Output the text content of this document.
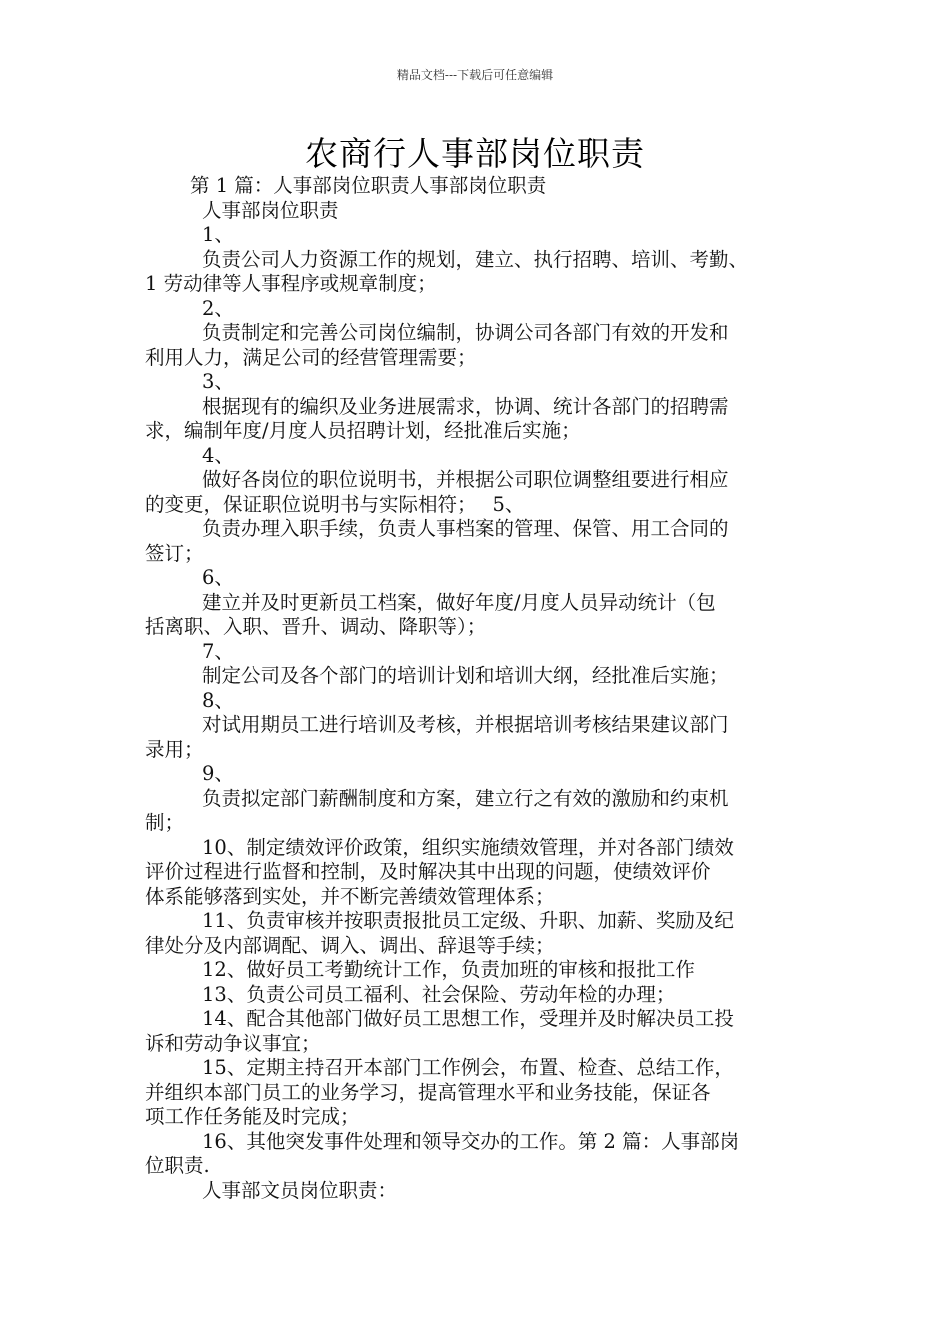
精品文档---下载后可任意编辑
农商行人事部岗位职责
第 1 篇：人事部岗位职责人事部岗位职责
人事部岗位职责
1、
负责公司人力资源工作的规划，建立、执行招聘、培训、考勤、
1 劳动律等人事程序或规章制度；
2、
负责制定和完善公司岗位编制，协调公司各部门有效的开发和
利用人力，满足公司的经营管理需要；
3、
根据现有的编织及业务进展需求，协调、统计各部门的招聘需
求，编制年度/月度人员招聘计划，经批准后实施；
4、
做好各岗位的职位说明书，并根据公司职位调整组要进行相应
的变更，保证职位说明书与实际相符；　 5、
负责办理入职手续，负责人事档案的管理、保管、用工合同的
签订；
6、
建立并及时更新员工档案，做好年度/月度人员异动统计（包
括离职、入职、晋升、调动、降职等）；
7、
制定公司及各个部门的培训计划和培训大纲，经批准后实施；
8、
对试用期员工进行培训及考核，并根据培训考核结果建议部门
录用；
9、
负责拟定部门薪酬制度和方案，建立行之有效的激励和约束机
制；
10、制定绩效评价政策，组织实施绩效管理，并对各部门绩效
评价过程进行监督和控制，及时解决其中出现的问题，使绩效评价
体系能够落到实处，并不断完善绩效管理体系；
11、负责审核并按职责报批员工定级、升职、加薪、奖励及纪
律处分及内部调配、调入、调出、辞退等手续；
12、做好员工考勤统计工作，负责加班的审核和报批工作
13、负责公司员工福利、社会保险、劳动年检的办理；
14、配合其他部门做好员工思想工作，受理并及时解决员工投
诉和劳动争议事宜；
15、定期主持召开本部门工作例会，布置、检查、总结工作，
并组织本部门员工的业务学习，提高管理水平和业务技能，保证各
项工作任务能及时完成；
16、其他突发事件处理和领导交办的工作。第 2 篇：人事部岗
位职责.
人事部文员岗位职责：
